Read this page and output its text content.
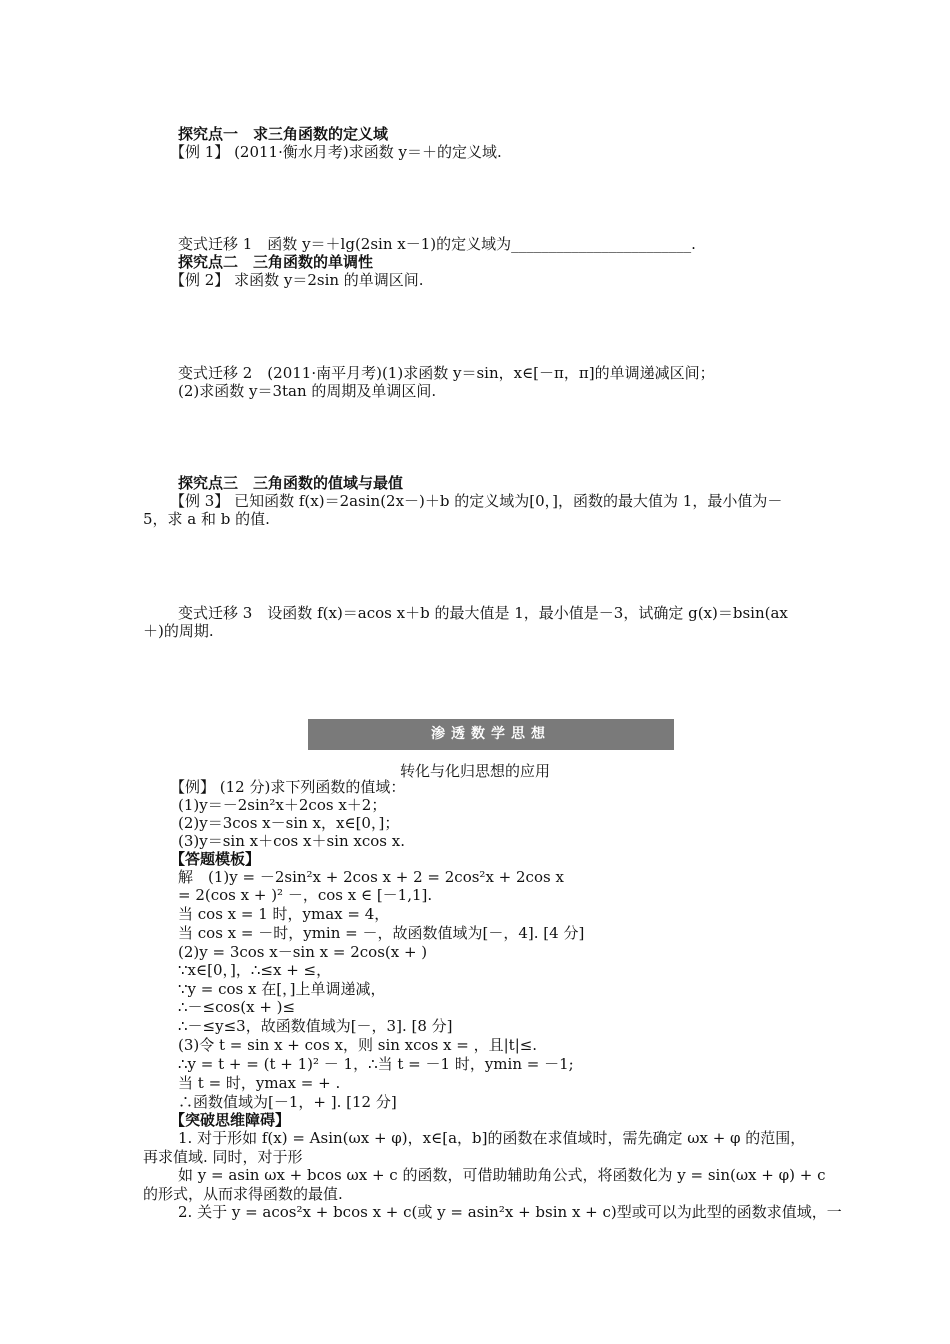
探究点一　求三角函数的定义域
【例 1】 (2011·衡水月考)求函数 y＝＋的定义域.
变式迁移 1　函数 y＝＋lg(2sin x－1)的定义域为________________________.
探究点二　三角函数的单调性
【例 2】 求函数 y＝2sin 的单调区间.
变式迁移 2　(2011·南平月考)(1)求函数 y＝sin，x∈[－π，π]的单调递减区间；
(2)求函数 y＝3tan 的周期及单调区间.
探究点三　三角函数的值域与最值
【例 3】 已知函数 f(x)＝2asin(2x－)＋b 的定义域为[0，]，函数的最大值为 1，最小值为－
5，求 a 和 b 的值.
变式迁移 3　设函数 f(x)＝acos x＋b 的最大值是 1，最小值是－3，试确定 g(x)＝bsin(ax
＋)的周期.
渗透数学思想
转化与化归思想的应用
【例】 (12 分)求下列函数的值域：
(1)y＝－2sin²x＋2cos x＋2；
(2)y＝3cos x－sin x，x∈[0，]；
(3)y＝sin x＋cos x＋sin xcos x.
【答题模板】
解　(1)y = －2sin²x + 2cos x + 2 = 2cos²x + 2cos x
= 2(cos x + )² －，cos x ∈ [－1,1].
当 cos x = 1 时，ymax = 4，
当 cos x = －时，ymin = －，故函数值域为[－，4]. [4 分]
(2)y = 3cos x－sin x = 2cos(x + )
∵x∈[0，]，∴≤x + ≤，
∵y = cos x 在[，]上单调递减，
∴－≤cos(x + )≤
∴－≤y≤3，故函数值域为[－，3]. [8 分]
(3)令 t = sin x + cos x，则 sin xcos x = ，且|t|≤.
∴y = t + = (t + 1)² － 1，∴当 t = －1 时，ymin = －1;
当 t = 时，ymax = + .
∴函数值域为[－1，+ ]. [12 分]
【突破思维障碍】
1. 对于形如 f(x) = Asin(ωx + φ)，x∈[a，b]的函数在求值域时，需先确定 ωx + φ 的范围，
再求值域. 同时，对于形
如 y = asin ωx + bcos ωx + c 的函数，可借助辅助角公式，将函数化为 y = sin(ωx + φ) + c
的形式，从而求得函数的最值.
2. 关于 y = acos²x + bcos x + c(或 y = asin²x + bsin x + c)型或可以为此型的函数求值域，一
